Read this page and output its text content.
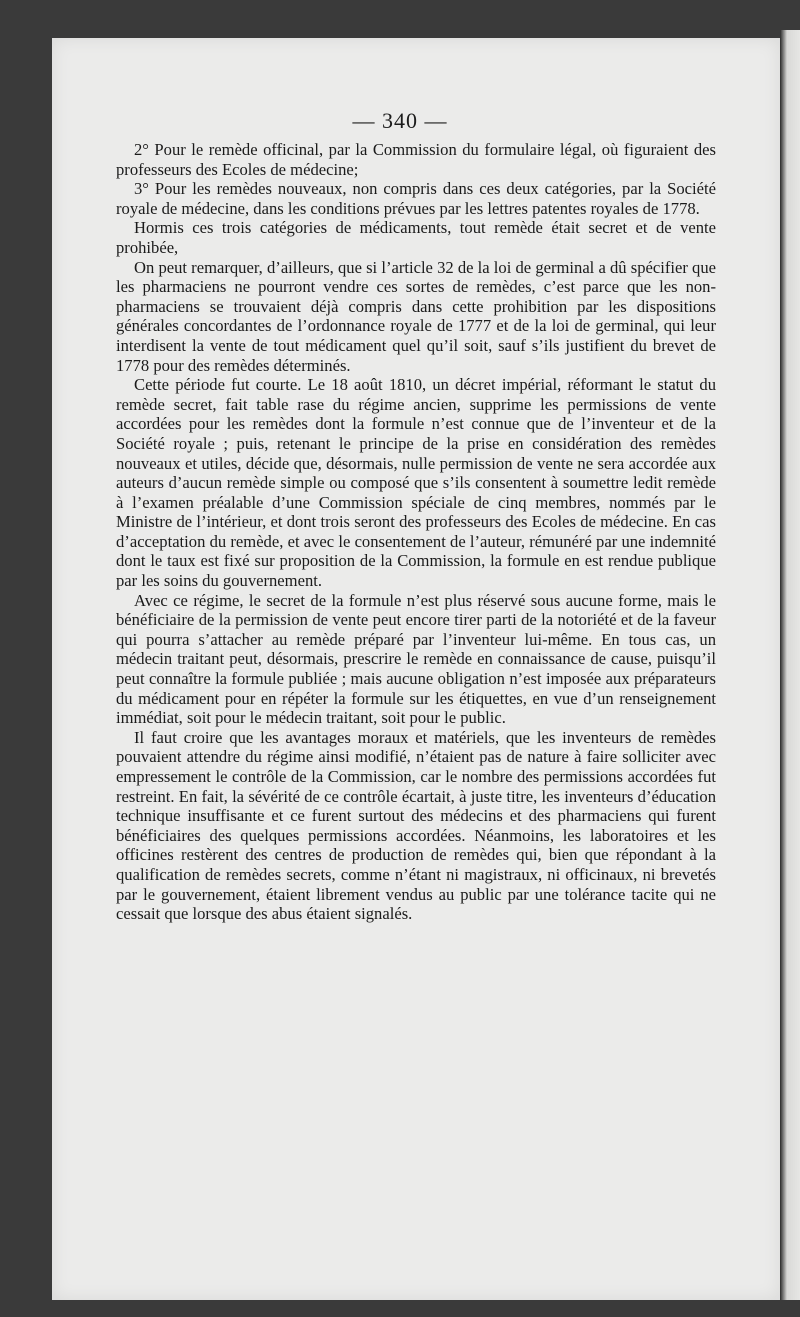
— 340 —

2° Pour le remède officinal, par la Commission du formulaire légal, où figuraient des professeurs des Ecoles de médecine;

3° Pour les remèdes nouveaux, non compris dans ces deux catégories, par la Société royale de médecine, dans les conditions prévues par les lettres patentes royales de 1778.

Hormis ces trois catégories de médicaments, tout remède était secret et de vente prohibée,

On peut remarquer, d’ailleurs, que si l’article 32 de la loi de germinal a dû spécifier que les pharmaciens ne pourront vendre ces sortes de remèdes, c’est parce que les non-pharmaciens se trouvaient déjà compris dans cette prohibition par les dispositions générales concordantes de l’ordonnance royale de 1777 et de la loi de germinal, qui leur interdisent la vente de tout médicament quel qu’il soit, sauf s’ils justifient du brevet de 1778 pour des remèdes déterminés.

Cette période fut courte. Le 18 août 1810, un décret impérial, réformant le statut du remède secret, fait table rase du régime ancien, supprime les permissions de vente accordées pour les remèdes dont la formule n’est connue que de l’inventeur et de la Société royale ; puis, retenant le principe de la prise en considération des remèdes nouveaux et utiles, décide que, désormais, nulle permission de vente ne sera accordée aux auteurs d’aucun remède simple ou composé que s’ils consentent à soumettre ledit remède à l’examen préalable d’une Commission spéciale de cinq membres, nommés par le Ministre de l’intérieur, et dont trois seront des professeurs des Ecoles de médecine. En cas d’acceptation du remède, et avec le consentement de l’auteur, rémunéré par une indemnité dont le taux est fixé sur proposition de la Commission, la formule en est rendue publique par les soins du gouvernement.

Avec ce régime, le secret de la formule n’est plus réservé sous aucune forme, mais le bénéficiaire de la permission de vente peut encore tirer parti de la notoriété et de la faveur qui pourra s’attacher au remède préparé par l’inventeur lui-même. En tous cas, un médecin traitant peut, désormais, prescrire le remède en connaissance de cause, puisqu’il peut connaître la formule publiée ; mais aucune obligation n’est imposée aux préparateurs du médicament pour en répéter la formule sur les étiquettes, en vue d’un renseignement immédiat, soit pour le médecin traitant, soit pour le public.

Il faut croire que les avantages moraux et matériels, que les inventeurs de remèdes pouvaient attendre du régime ainsi modifié, n’étaient pas de nature à faire solliciter avec empressement le contrôle de la Commission, car le nombre des permissions accordées fut restreint. En fait, la sévérité de ce contrôle écartait, à juste titre, les inventeurs d’éducation technique insuffisante et ce furent surtout des médecins et des pharmaciens qui furent bénéficiaires des quelques permissions accordées. Néanmoins, les laboratoires et les officines restèrent des centres de production de remèdes qui, bien que répondant à la qualification de remèdes secrets, comme n’étant ni magistraux, ni officinaux, ni brevetés par le gouvernement, étaient librement vendus au public par une tolérance tacite qui ne cessait que lorsque des abus étaient signalés.
